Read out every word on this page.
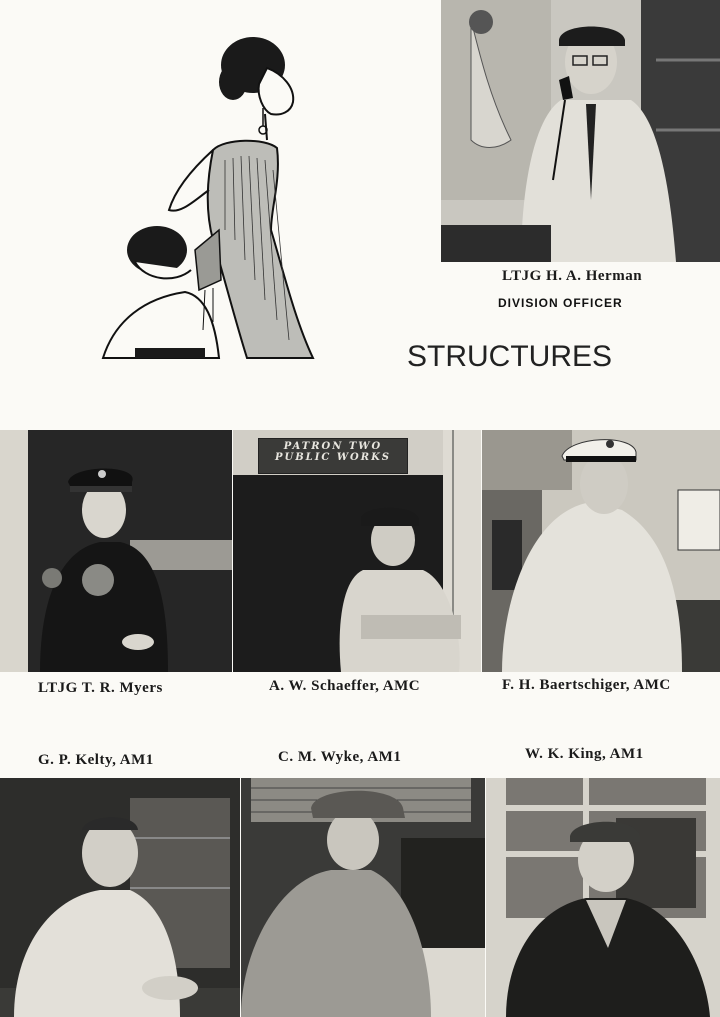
LTJG H. A. Herman
DIVISION OFFICER
STRUCTURES
PATRON TWO
PUBLIC WORKS
LTJG T. R. Myers	A. W. Schaeffer, AMC	F. H. Baertschiger, AMC
G. P. Kelty, AM1	C. M. Wyke, AM1	W. K. King, AM1
